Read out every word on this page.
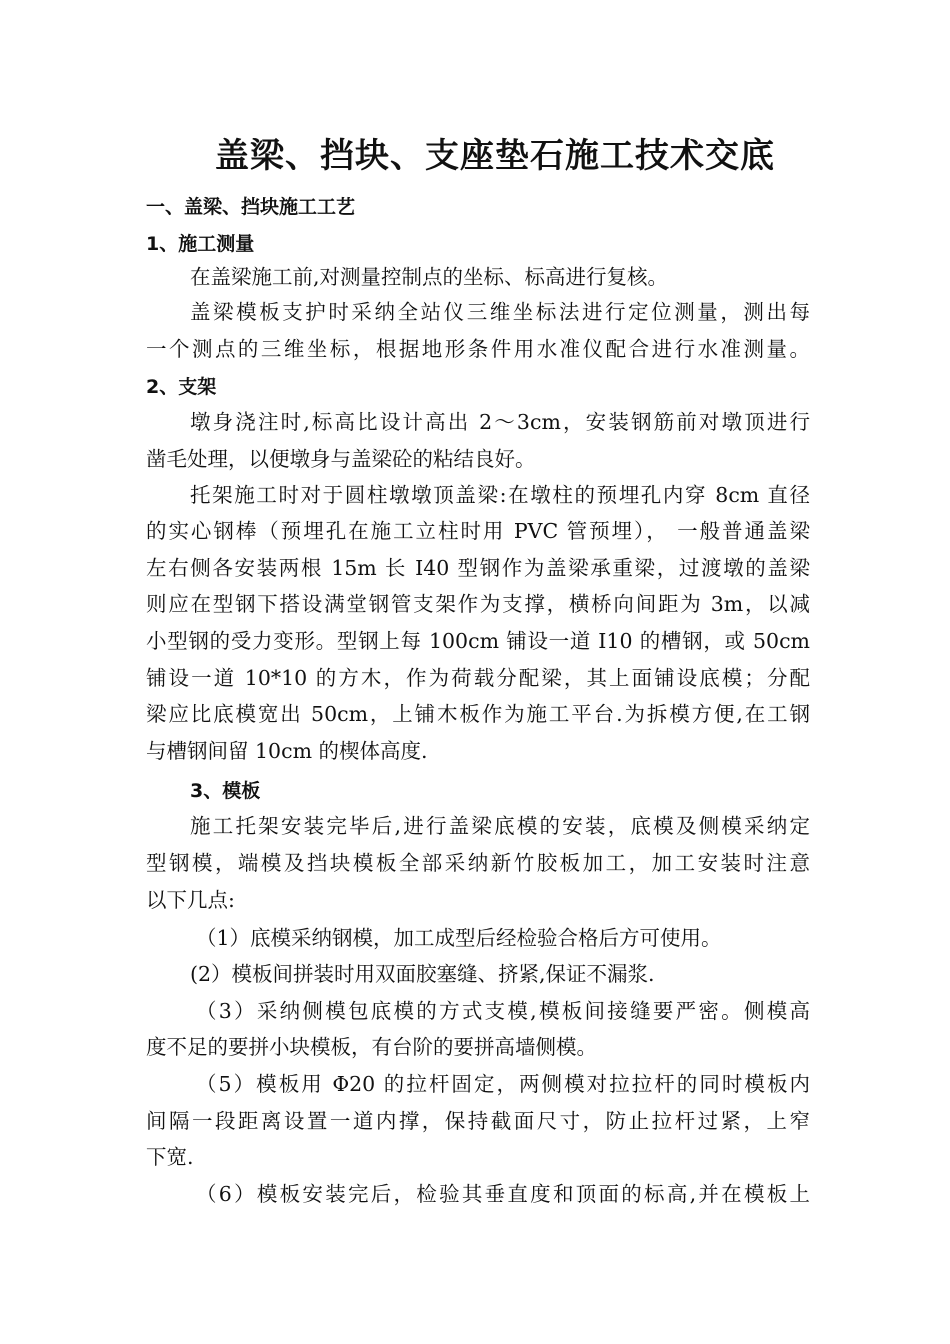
盖梁、挡块、支座垫石施工技术交底
一、盖梁、挡块施工工艺
1、施工测量
在盖梁施工前,对测量控制点的坐标、标高进行复核。
盖梁模板支护时采纳全站仪三维坐标法进行定位测量，测出每
一个测点的三维坐标，根据地形条件用水准仪配合进行水准测量。
2、支架
墩身浇注时,标高比设计高出 2～3cm，安装钢筋前对墩顶进行
凿毛处理，以便墩身与盖梁砼的粘结良好。
托架施工时对于圆柱墩墩顶盖梁:在墩柱的预埋孔内穿 8cm 直径
的实心钢棒（预埋孔在施工立柱时用 PVC 管预埋）， 一般普通盖梁
左右侧各安装两根 15m 长 I40 型钢作为盖梁承重梁，过渡墩的盖梁
则应在型钢下搭设满堂钢管支架作为支撑，横桥向间距为 3m，以减
小型钢的受力变形。型钢上每 100cm 铺设一道 I10 的槽钢，或 50cm
铺设一道 10*10 的方木，作为荷载分配梁，其上面铺设底模；分配
梁应比底模宽出 50cm，上铺木板作为施工平台.为拆模方便,在工钢
与槽钢间留 10cm 的楔体高度.
3、模板
施工托架安装完毕后,进行盖梁底模的安装，底模及侧模采纳定
型钢模，端模及挡块模板全部采纳新竹胶板加工，加工安装时注意
以下几点:
（1）底模采纳钢模，加工成型后经检验合格后方可使用。
(2）模板间拼装时用双面胶塞缝、挤紧,保证不漏浆.
（3）采纳侧模包底模的方式支模,模板间接缝要严密。侧模高
度不足的要拼小块模板，有台阶的要拼高墙侧模。
（5）模板用 Φ20 的拉杆固定，两侧模对拉拉杆的同时模板内
间隔一段距离设置一道内撑，保持截面尺寸，防止拉杆过紧，上窄
下宽.
（6）模板安装完后，检验其垂直度和顶面的标高,并在模板上
